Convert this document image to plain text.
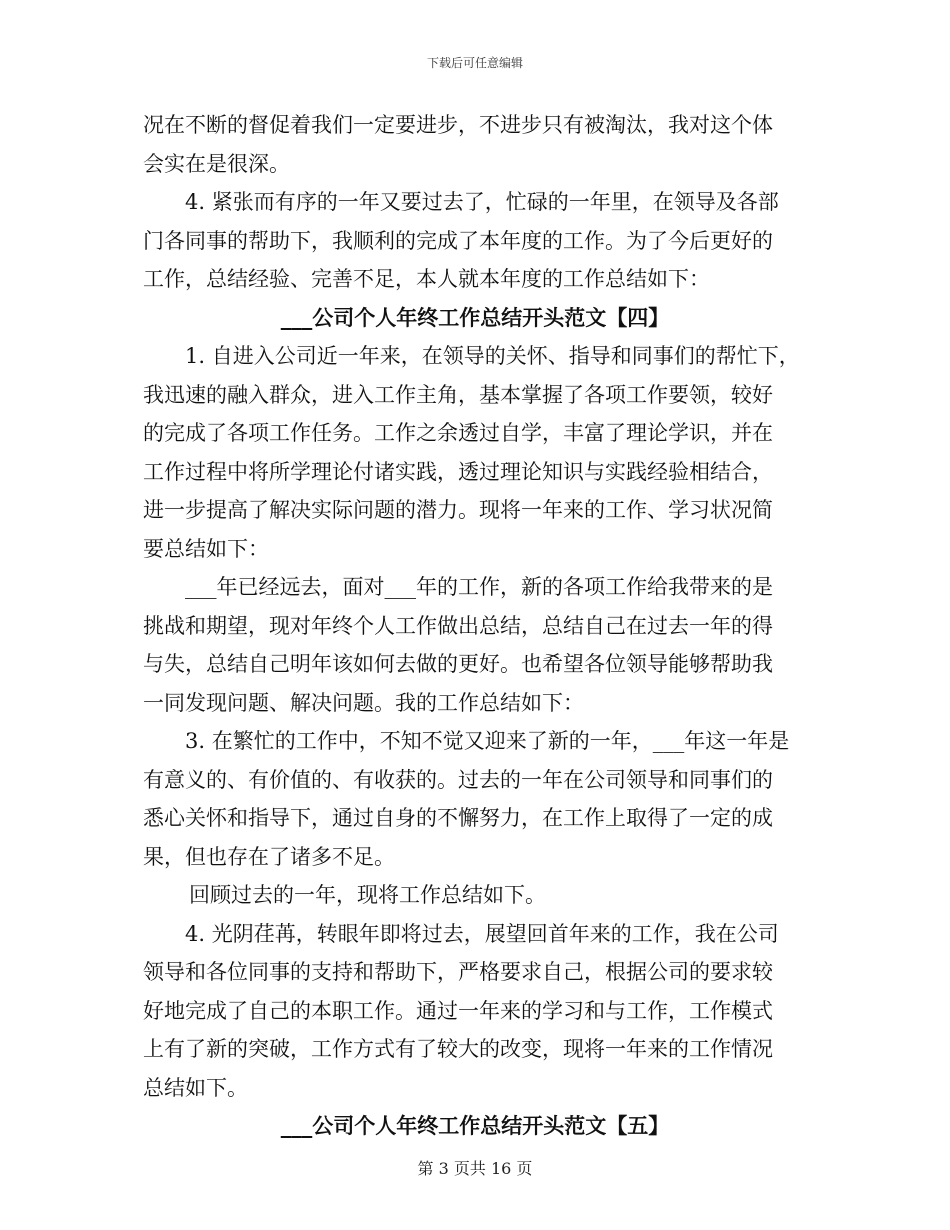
下载后可任意编辑
况在不断的督促着我们一定要进步，不进步只有被淘汰，我对这个体
会实在是很深。
4. 紧张而有序的一年又要过去了，忙碌的一年里，在领导及各部
门各同事的帮助下，我顺利的完成了本年度的工作。为了今后更好的
工作，总结经验、完善不足，本人就本年度的工作总结如下：
___公司个人年终工作总结开头范文【四】
1. 自进入公司近一年来，在领导的关怀、指导和同事们的帮忙下，
我迅速的融入群众，进入工作主角，基本掌握了各项工作要领，较好
的完成了各项工作任务。工作之余透过自学，丰富了理论学识，并在
工作过程中将所学理论付诸实践，透过理论知识与实践经验相结合，
进一步提高了解决实际问题的潜力。现将一年来的工作、学习状况简
要总结如下：
___年已经远去，面对___年的工作，新的各项工作给我带来的是
挑战和期望，现对年终个人工作做出总结，总结自己在过去一年的得
与失，总结自己明年该如何去做的更好。也希望各位领导能够帮助我
一同发现问题、解决问题。我的工作总结如下：
3. 在繁忙的工作中，不知不觉又迎来了新的一年，___年这一年是
有意义的、有价值的、有收获的。过去的一年在公司领导和同事们的
悉心关怀和指导下，通过自身的不懈努力，在工作上取得了一定的成
果，但也存在了诸多不足。
回顾过去的一年，现将工作总结如下。
4. 光阴荏苒，转眼年即将过去，展望回首年来的工作，我在公司
领导和各位同事的支持和帮助下，严格要求自己，根据公司的要求较
好地完成了自己的本职工作。通过一年来的学习和与工作，工作模式
上有了新的突破，工作方式有了较大的改变，现将一年来的工作情况
总结如下。
___公司个人年终工作总结开头范文【五】
第 3 页共 16 页
